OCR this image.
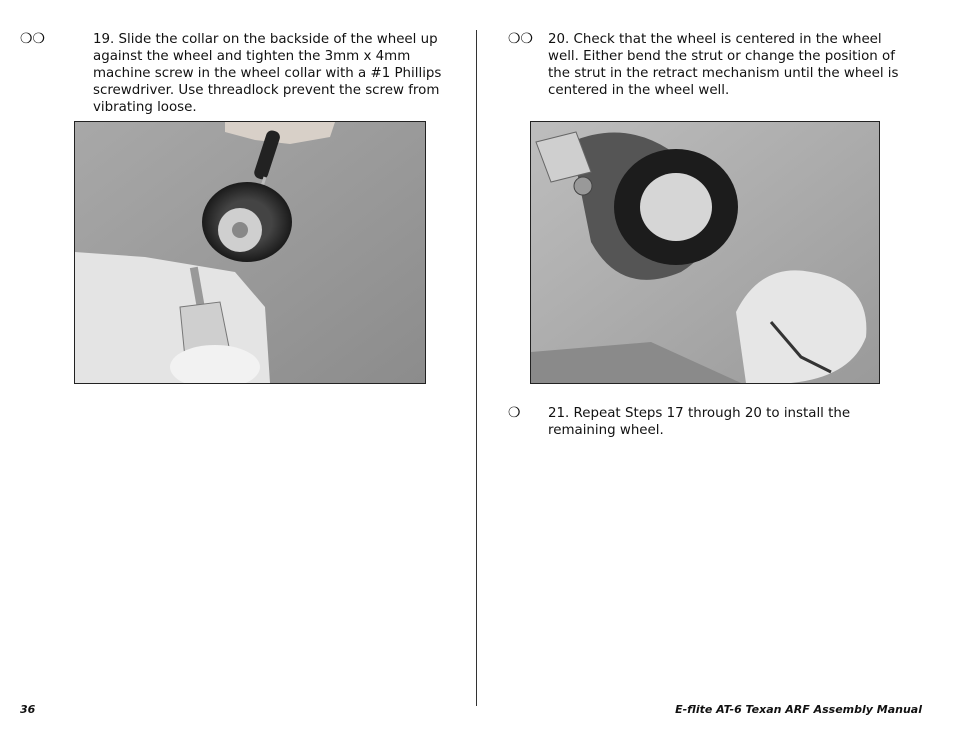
❍❍	19. Slide the collar on the backside of the wheel up against the wheel and tighten the 3mm x 4mm machine screw in the wheel collar with a #1 Phillips screwdriver. Use threadlock prevent the screw from vibrating loose.
❍❍ 20. Check that the wheel is centered in the wheel well. Either bend the strut or change the position of the strut in the retract mechanism until the wheel is centered in the wheel well.
❍ 21. Repeat Steps 17 through 20 to install the remaining wheel.
36	E-flite AT-6 Texan ARF Assembly Manual
